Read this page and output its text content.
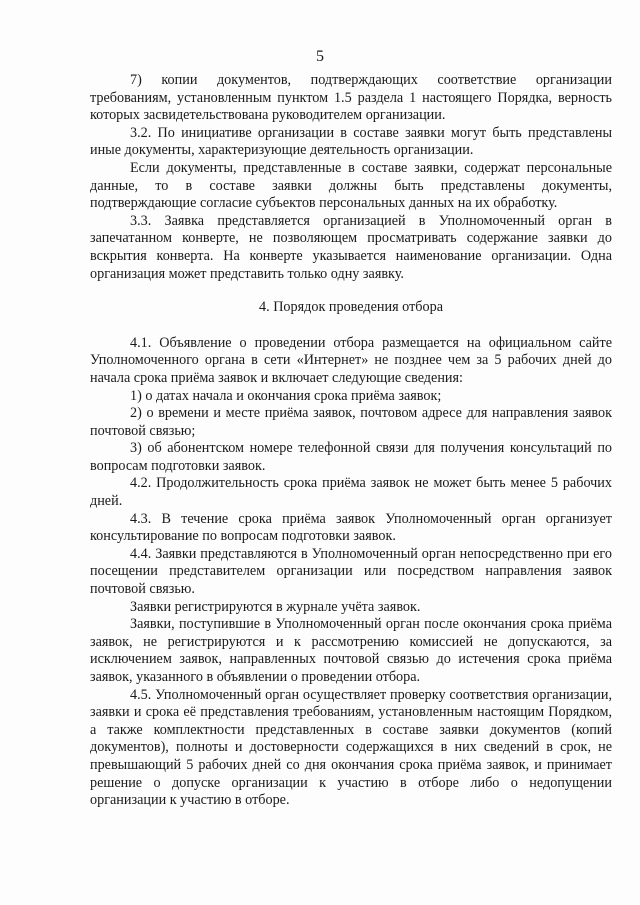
5

7) копии документов, подтверждающих соответствие организации требованиям, установленным пунктом 1.5 раздела 1 настоящего Порядка, верность которых засвидетельствована руководителем организации.

3.2. По инициативе организации в составе заявки могут быть представлены иные документы, характеризующие деятельность организации.

Если документы, представленные в составе заявки, содержат персональные данные, то в составе заявки должны быть представлены документы, подтверждающие согласие субъектов персональных данных на их обработку.

3.3. Заявка представляется организацией в Уполномоченный орган в запечатанном конверте, не позволяющем просматривать содержание заявки до вскрытия конверта. На конверте указывается наименование организации. Одна организация может представить только одну заявку.

4. Порядок проведения отбора

4.1. Объявление о проведении отбора размещается на официальном сайте Уполномоченного органа в сети «Интернет» не позднее чем за 5 рабочих дней до начала срока приёма заявок и включает следующие сведения:

1) о датах начала и окончания срока приёма заявок;

2) о времени и месте приёма заявок, почтовом адресе для направления заявок почтовой связью;

3) об абонентском номере телефонной связи для получения консультаций по вопросам подготовки заявок.

4.2. Продолжительность срока приёма заявок не может быть менее 5 рабочих дней.

4.3. В течение срока приёма заявок Уполномоченный орган организует консультирование по вопросам подготовки заявок.

4.4. Заявки представляются в Уполномоченный орган непосредственно при его посещении представителем организации или посредством направления заявок почтовой связью.

Заявки регистрируются в журнале учёта заявок.

Заявки, поступившие в Уполномоченный орган после окончания срока приёма заявок, не регистрируются и к рассмотрению комиссией не допускаются, за исключением заявок, направленных почтовой связью до истечения срока приёма заявок, указанного в объявлении о проведении отбора.

4.5. Уполномоченный орган осуществляет проверку соответствия организации, заявки и срока её представления требованиям, установленным настоящим Порядком, а также комплектности представленных в составе заявки документов (копий документов), полноты и достоверности содержащихся в них сведений в срок, не превышающий 5 рабочих дней со дня окончания срока приёма заявок, и принимает решение о допуске организации к участию в отборе либо о недопущении организации к участию в отборе.
